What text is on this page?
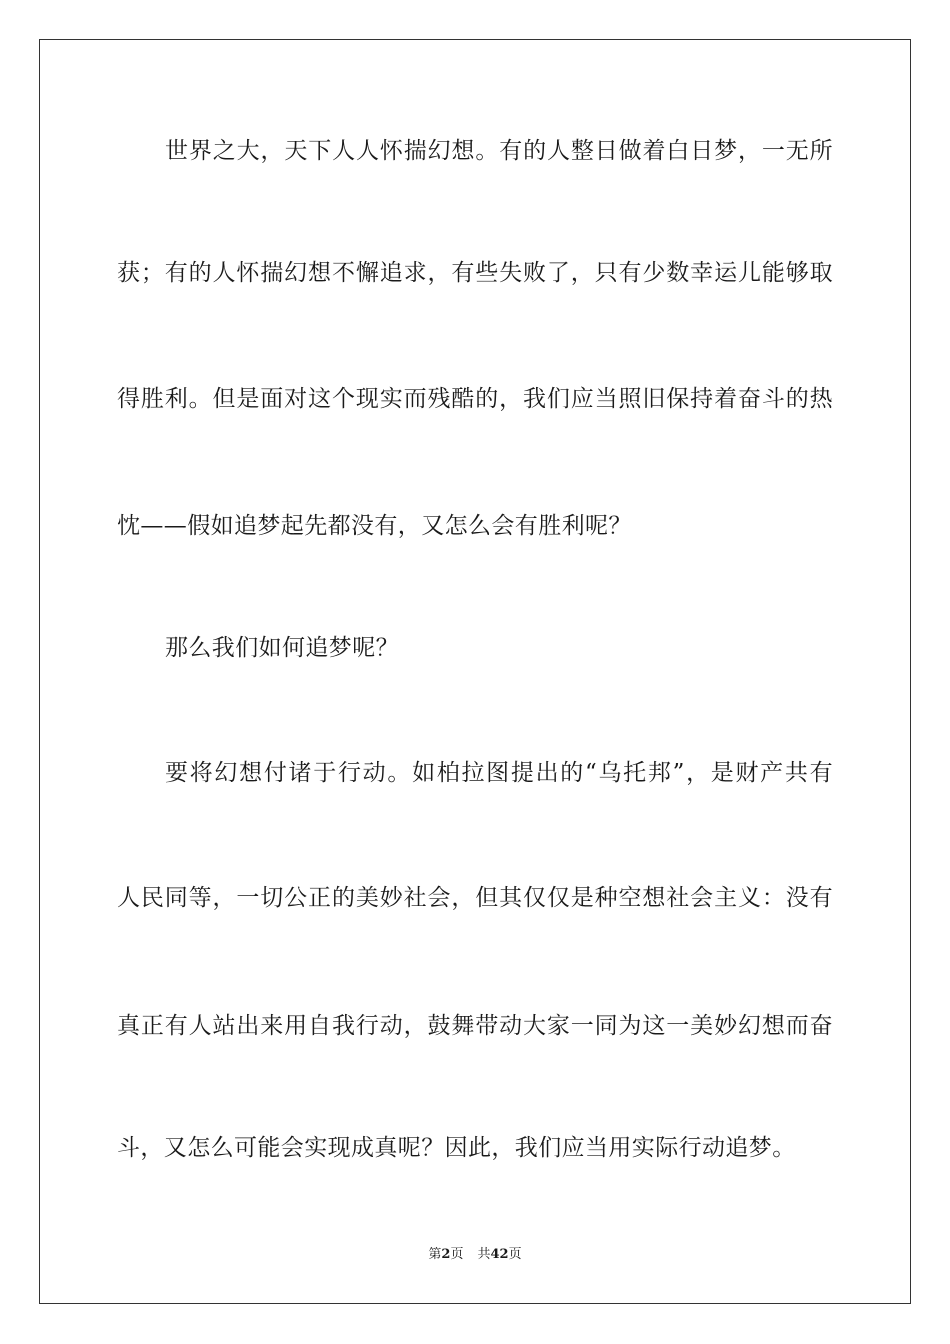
世界之大，天下人人怀揣幻想。有的人整日做着白日梦，一无所
获；有的人怀揣幻想不懈追求，有些失败了，只有少数幸运儿能够取
得胜利。但是面对这个现实而残酷的，我们应当照旧保持着奋斗的热
忱——假如追梦起先都没有，又怎么会有胜利呢？
那么我们如何追梦呢？
要将幻想付诸于行动。如柏拉图提出的“乌托邦”，是财产共有
人民同等，一切公正的美妙社会，但其仅仅是种空想社会主义：没有
真正有人站出来用自我行动，鼓舞带动大家一同为这一美妙幻想而奋
斗，又怎么可能会实现成真呢？因此，我们应当用实际行动追梦。
第2页 共42页
